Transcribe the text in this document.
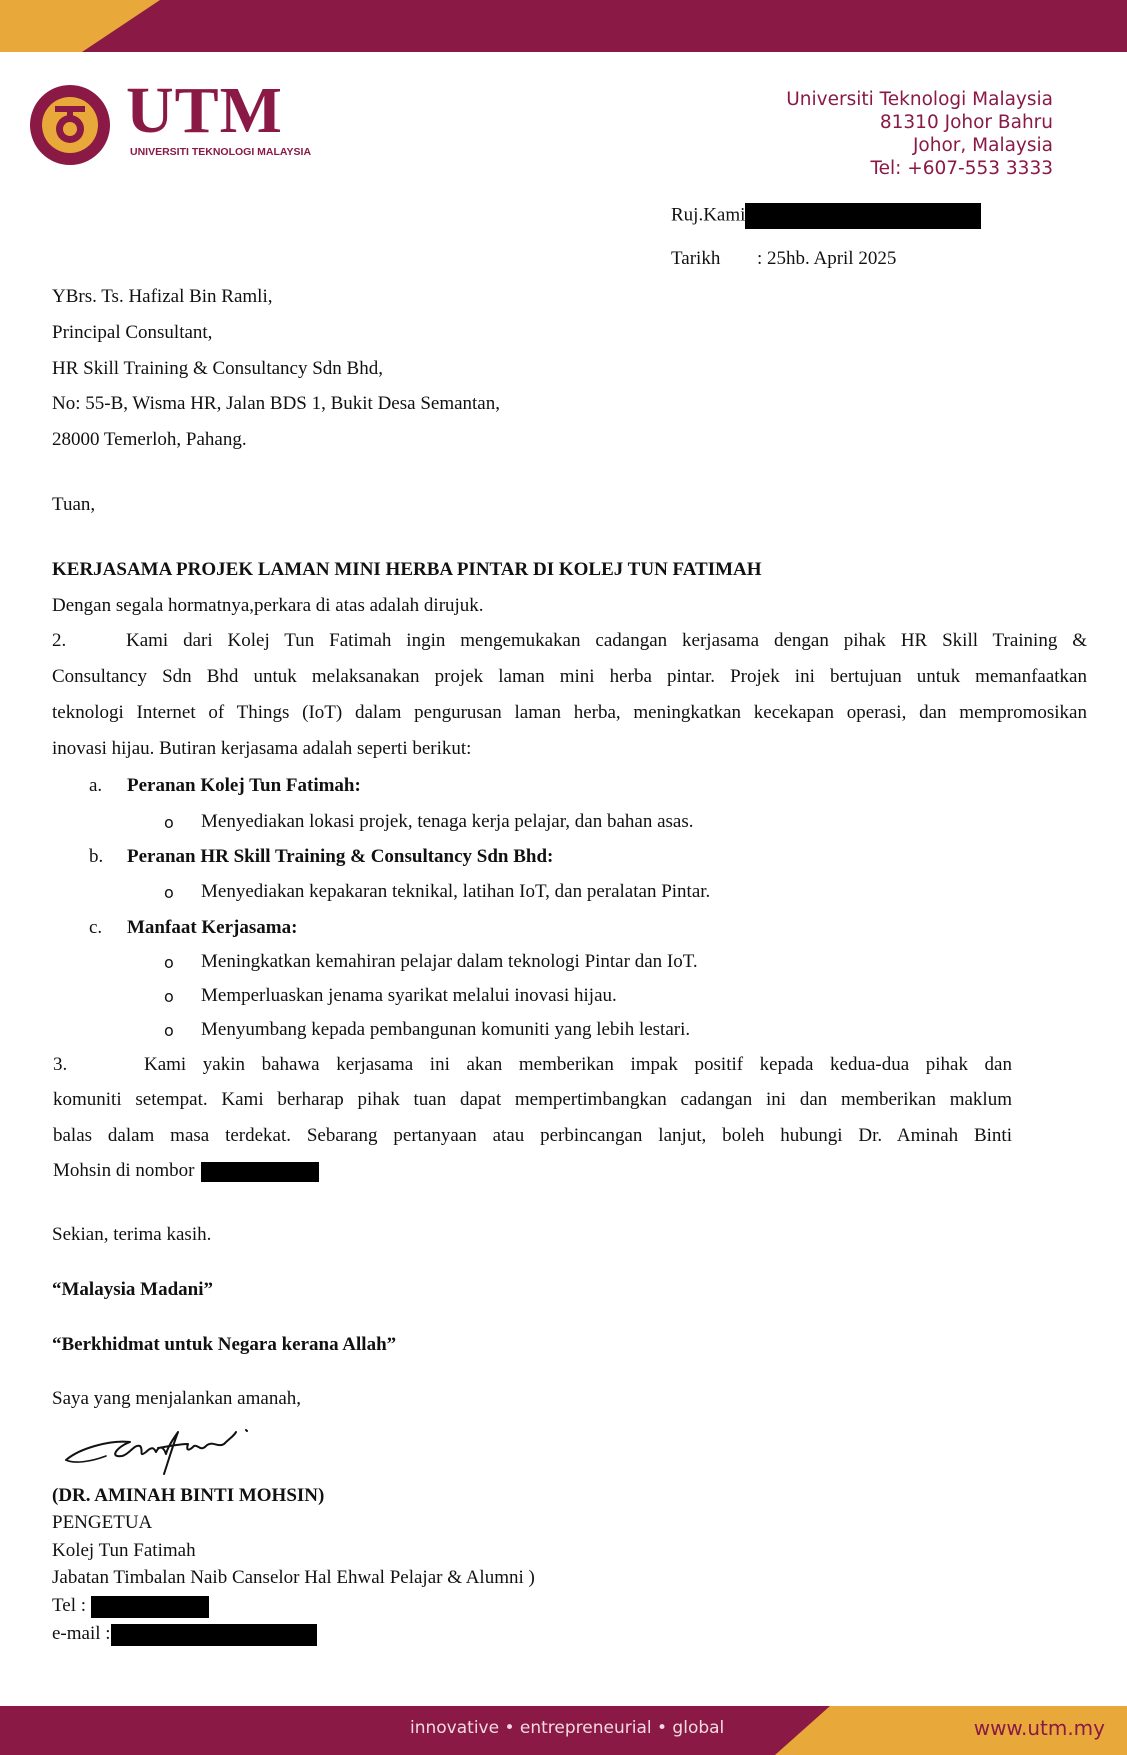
UTM
UNIVERSITI TEKNOLOGI MALAYSIA
Universiti Teknologi Malaysia
81310 Johor Bahru
Johor, Malaysia
Tel: +607-553 3333
Ruj.Kami
Tarikh : 25hb. April 2025
YBrs. Ts. Hafizal Bin Ramli,
Principal Consultant,
HR Skill Training & Consultancy Sdn Bhd,
No: 55-B, Wisma HR, Jalan BDS 1, Bukit Desa Semantan,
28000 Temerloh, Pahang.
Tuan,
KERJASAMA PROJEK LAMAN MINI HERBA PINTAR DI KOLEJ TUN FATIMAH
Dengan segala hormatnya,perkara di atas adalah dirujuk.
2.	Kami dari Kolej Tun Fatimah ingin mengemukakan cadangan kerjasama dengan pihak HR Skill Training &
Consultancy Sdn Bhd untuk melaksanakan projek laman mini herba pintar. Projek ini bertujuan untuk memanfaatkan
teknologi Internet of Things (IoT) dalam pengurusan laman herba, meningkatkan kecekapan operasi, dan mempromosikan
inovasi hijau. Butiran kerjasama adalah seperti berikut:
a. Peranan Kolej Tun Fatimah:
o Menyediakan lokasi projek, tenaga kerja pelajar, dan bahan asas.
b. Peranan HR Skill Training & Consultancy Sdn Bhd:
o Menyediakan kepakaran teknikal, latihan IoT, dan peralatan Pintar.
c. Manfaat Kerjasama:
o Meningkatkan kemahiran pelajar dalam teknologi Pintar dan IoT.
o Memperluaskan jenama syarikat melalui inovasi hijau.
o Menyumbang kepada pembangunan komuniti yang lebih lestari.
3.	Kami yakin bahawa kerjasama ini akan memberikan impak positif kepada kedua-dua pihak dan
komuniti setempat. Kami berharap pihak tuan dapat mempertimbangkan cadangan ini dan memberikan maklum
balas dalam masa terdekat. Sebarang pertanyaan atau perbincangan lanjut, boleh hubungi Dr. Aminah Binti
Mohsin di nombor
Sekian, terima kasih.
“Malaysia Madani”
“Berkhidmat untuk Negara kerana Allah”
Saya yang menjalankan amanah,
(DR. AMINAH BINTI MOHSIN)
PENGETUA
Kolej Tun Fatimah
Jabatan Timbalan Naib Canselor Hal Ehwal Pelajar & Alumni )
Tel :
e-mail :
innovative • entrepreneurial • global	www.utm.my
